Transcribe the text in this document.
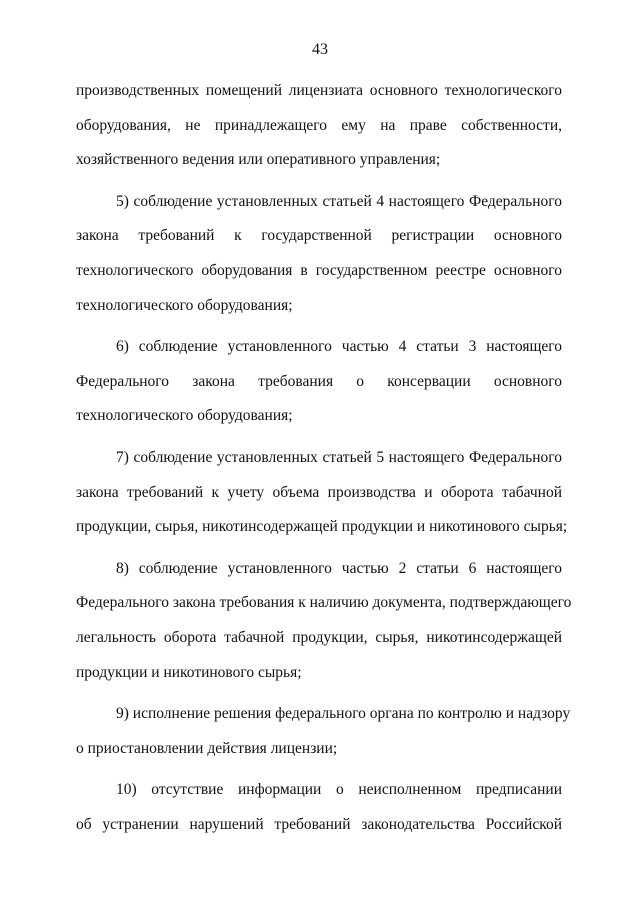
43
производственных помещений лицензиата основного технологического
оборудования, не принадлежащего ему на праве собственности,
хозяйственного ведения или оперативного управления;
5) соблюдение установленных статьей 4 настоящего Федерального
закона требований к государственной регистрации основного
технологического оборудования в государственном реестре основного
технологического оборудования;
6) соблюдение установленного частью 4 статьи 3 настоящего
Федерального закона требования о консервации основного
технологического оборудования;
7) соблюдение установленных статьей 5 настоящего Федерального
закона требований к учету объема производства и оборота табачной
продукции, сырья, никотинсодержащей продукции и никотинового сырья;
8) соблюдение установленного частью 2 статьи 6 настоящего
Федерального закона требования к наличию документа, подтверждающего
легальность оборота табачной продукции, сырья, никотинсодержащей
продукции и никотинового сырья;
9) исполнение решения федерального органа по контролю и надзору
о приостановлении действия лицензии;
10) отсутствие информации о неисполненном предписании
об устранении нарушений требований законодательства Российской
